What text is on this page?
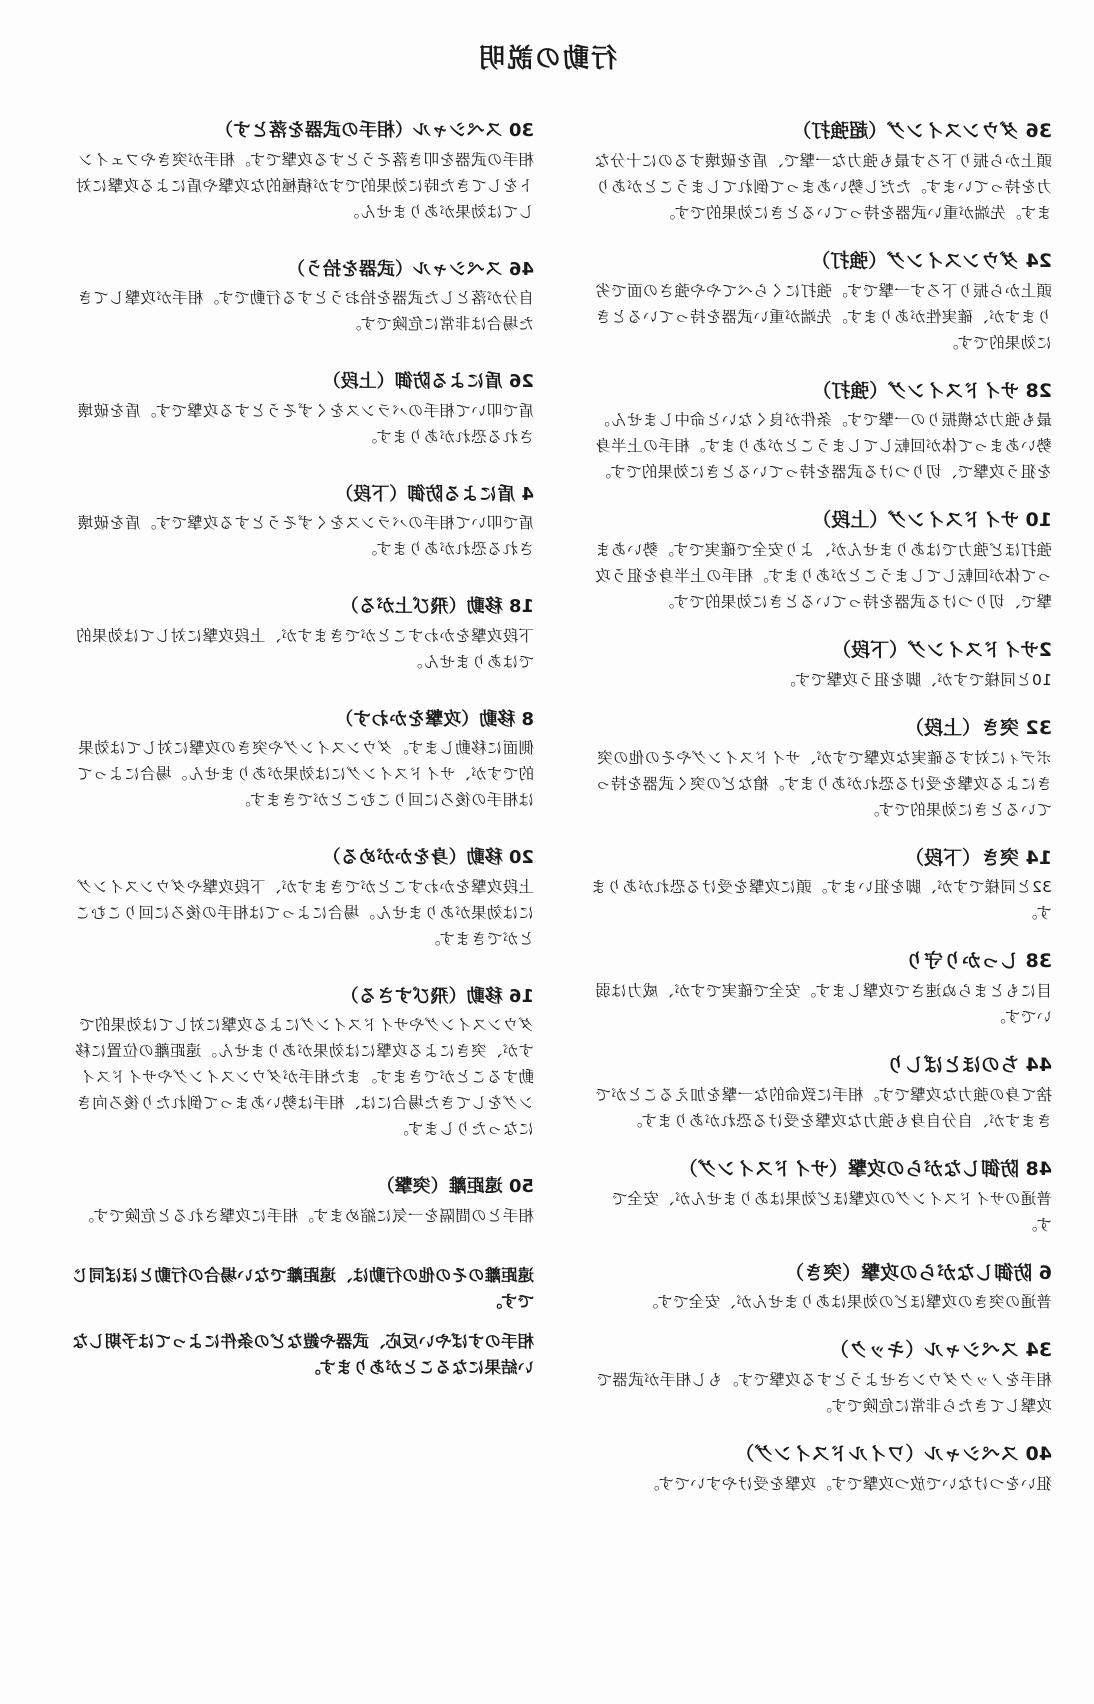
行動の説明

36 ダウンスイング（超強打）

頭上から振り下ろす最も強力な一撃で、盾を破壊するのに十分な力を持っています。ただし勢いあまって倒れてしまうことがあります。先端が重い武器を持っているときに効果的です。

24 ダウンスイング（強打）

頭上から振り下ろす一撃です。強打にくらべてやや強さの面で劣りますが、確実性があります。先端が重い武器を持っているときに効果的です。

28 サイドスイング（強打）

最も強力な横振りの一撃です。条件が良くないと命中しません。勢いあまって体が回転してしまうことがあります。相手の上半身を狙う攻撃で、切りつける武器を持っているときに効果的です。

10 サイドスイング（上段）

強打ほど強力ではありませんが、より安全で確実です。勢いあまって体が回転してしまうことがあります。相手の上半身を狙う攻撃で、切りつける武器を持っているときに効果的です。

2サイドスイング（下段）

10と同様ですが、脚を狙う攻撃です。

32 突き（上段）

ボディに対する確実な攻撃ですが、サイドスイングやその他の突きによる攻撃を受ける恐れがあります。槍などの突く武器を持っているときに効果的です。

14 突き（下段）

32と同様ですが、脚を狙います。頭に攻撃を受ける恐れがあります。

38 しっかり守り

目にもとまらぬ速さで攻撃します。安全で確実ですが、威力は弱いです。

44 ちのほとばしり

捨て身の強力な攻撃です。相手に致命的な一撃を加えることができますが、自分自身も強力な攻撃を受ける恐れがあります。

48 防御しながらの攻撃（サイドスイング）

普通のサイドスイングの攻撃ほど効果はありませんが、安全です。

6 防御しながらの攻撃（突き）

普通の突きの攻撃ほどの効果はありませんが、安全です。

34 スペシャル（キック）

相手をノックダウンさせようとする攻撃です。もし相手が武器で攻撃してきたら非常に危険です。

40 スペシャル（ワイルドスイング）

狙いをつけないで放つ攻撃です。攻撃を受けやすいです。

30 スペシャル（相手の武器を落とす）

相手の武器を叩き落そうとする攻撃です。相手が突きやフェイントをしてきた時に効果的ですが積極的な攻撃や盾による攻撃に対しては効果がありません。

46 スペシャル（武器を拾う）

自分が落とした武器を拾おうとする行動です。相手が攻撃してきた場合は非常に危険です。

26 盾による防御（上段）

盾で叩いて相手のバランスをくずそうとする攻撃です。盾を破壊される恐れがあります。

4 盾による防御（下段）

盾で叩いて相手のバランスをくずそうとする攻撃です。盾を破壊される恐れがあります。

18 移動（飛び上がる）

下段攻撃をかわすことができますが、上段攻撃に対しては効果的ではありません。

8 移動（攻撃をかわす）

側面に移動します。ダウンスイングや突きの攻撃に対しては効果的ですが、サイドスイングには効果がありません。場合によっては相手の後ろに回りこむことができます。

20 移動（身をかがめる）

上段攻撃をかわすことができますが、下段攻撃やダウンスイングには効果がありません。場合によっては相手の後ろに回りこむことができます。

16 移動（飛びすさる）

ダウンスイングやサイドスイングによる攻撃に対しては効果的ですが、突きによる攻撃には効果がありません。遠距離の位置に移動することができます。また相手がダウンスイングやサイドスイングをしてきた場合には、相手は勢いあまって倒れたり後ろ向きになったりします。

50 遠距離（突撃）

相手との間隔を一気に縮めます。相手に攻撃されると危険です。

遠距離のその他の行動は、遠距離でない場合の行動とほぼ同じです。

相手のすばやい反応、武器や鎧などの条件によっては予期しない結果になることがあります。
